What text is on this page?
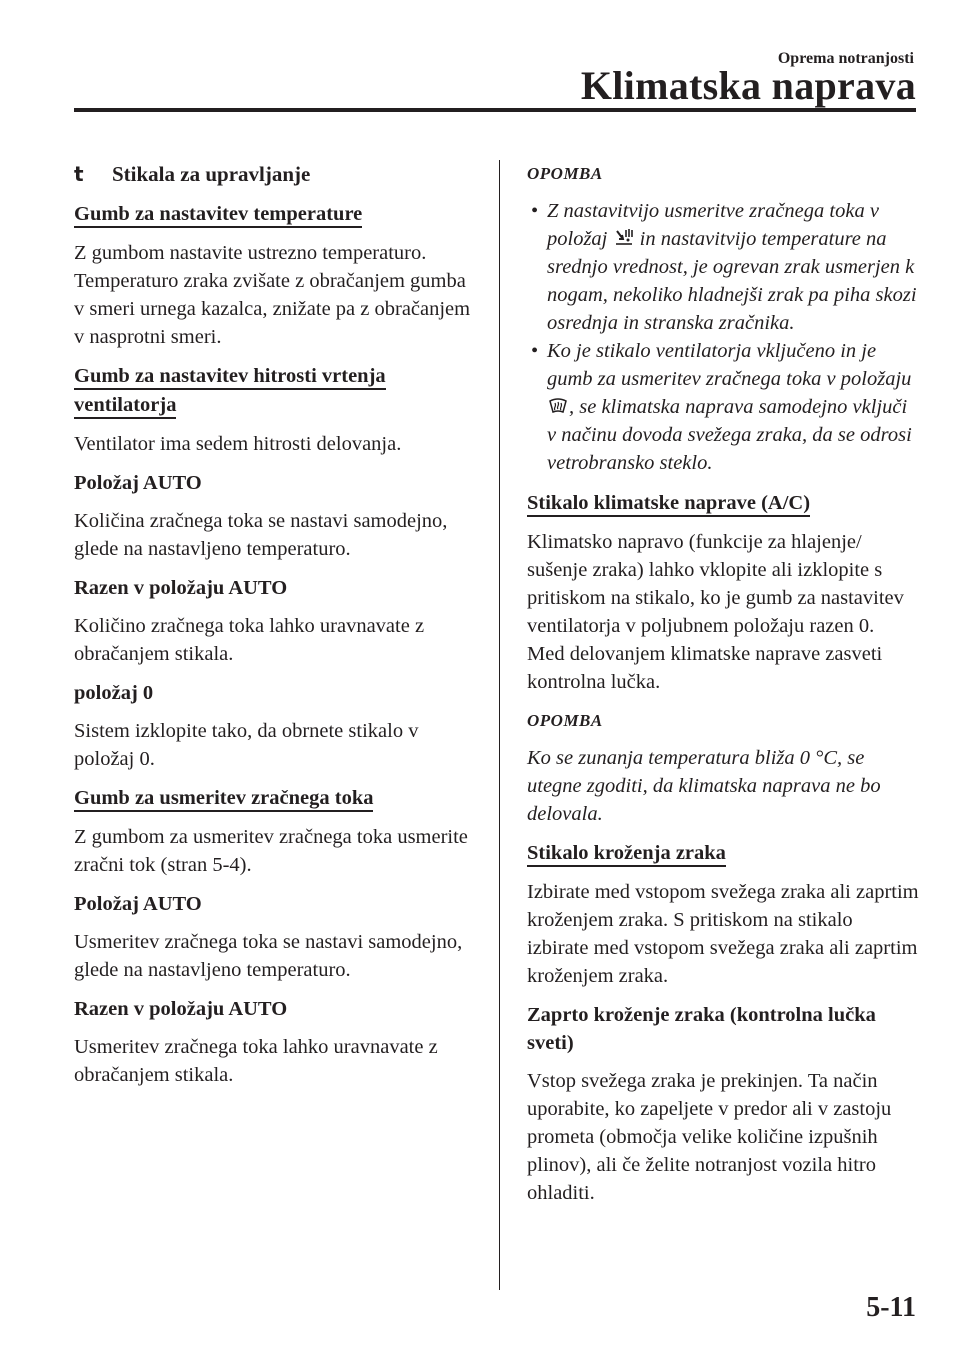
Oprema notranjosti
Klimatska naprava
t	Stikala za upravljanje
Gumb za nastavitev temperature

Z gumbom nastavite ustrezno temperaturo. Temperaturo zraka zvišate z obračanjem gumba v smeri urnega kazalca, znižate pa z obračanjem v nasprotni smeri.

Gumb za nastavitev hitrosti vrtenja ventilatorja

Ventilator ima sedem hitrosti delovanja.

Položaj AUTO

Količina zračnega toka se nastavi samodejno, glede na nastavljeno temperaturo.

Razen v položaju AUTO

Količino zračnega toka lahko uravnavate z obračanjem stikala.

položaj 0

Sistem izklopite tako, da obrnete stikalo v položaj 0.

Gumb za usmeritev zračnega toka

Z gumbom za usmeritev zračnega toka usmerite zračni tok (stran 5-4).

Položaj AUTO

Usmeritev zračnega toka se nastavi samodejno, glede na nastavljeno temperaturo.

Razen v položaju AUTO

Usmeritev zračnega toka lahko uravnavate z obračanjem stikala.

OPOMBA
• Z nastavitvijo usmeritve zračnega toka v položaj  in nastavitvijo temperature na srednjo vrednost, je ogrevan zrak usmerjen k nogam, nekoliko hladnejši zrak pa piha skozi osrednja in stranska zračnika.
• Ko je stikalo ventilatorja vključeno in je gumb za usmeritev zračnega toka v položaju , se klimatska naprava samodejno vključi v načinu dovoda svežega zraka, da se odrosi vetrobransko steklo.
Stikalo klimatske naprave (A/C)

Klimatsko napravo (funkcije za hlajenje/ sušenje zraka) lahko vklopite ali izklopite s pritiskom na stikalo, ko je gumb za nastavitev ventilatorja v poljubnem položaju razen 0.

Med delovanjem klimatske naprave zasveti kontrolna lučka.

OPOMBA

Ko se zunanja temperatura bliža 0 °C, se utegne zgoditi, da klimatska naprava ne bo delovala.

Stikalo kroženja zraka

Izbirate med vstopom svežega zraka ali zaprtim kroženjem zraka. S pritiskom na stikalo izbirate med vstopom svežega zraka ali zaprtim kroženjem zraka.

Zaprto kroženje zraka (kontrolna lučka sveti)

Vstop svežega zraka je prekinjen. Ta način uporabite, ko zapeljete v predor ali v zastoju prometa (območja velike količine izpušnih plinov), ali če želite notranjost vozila hitro ohladiti.

5-11
